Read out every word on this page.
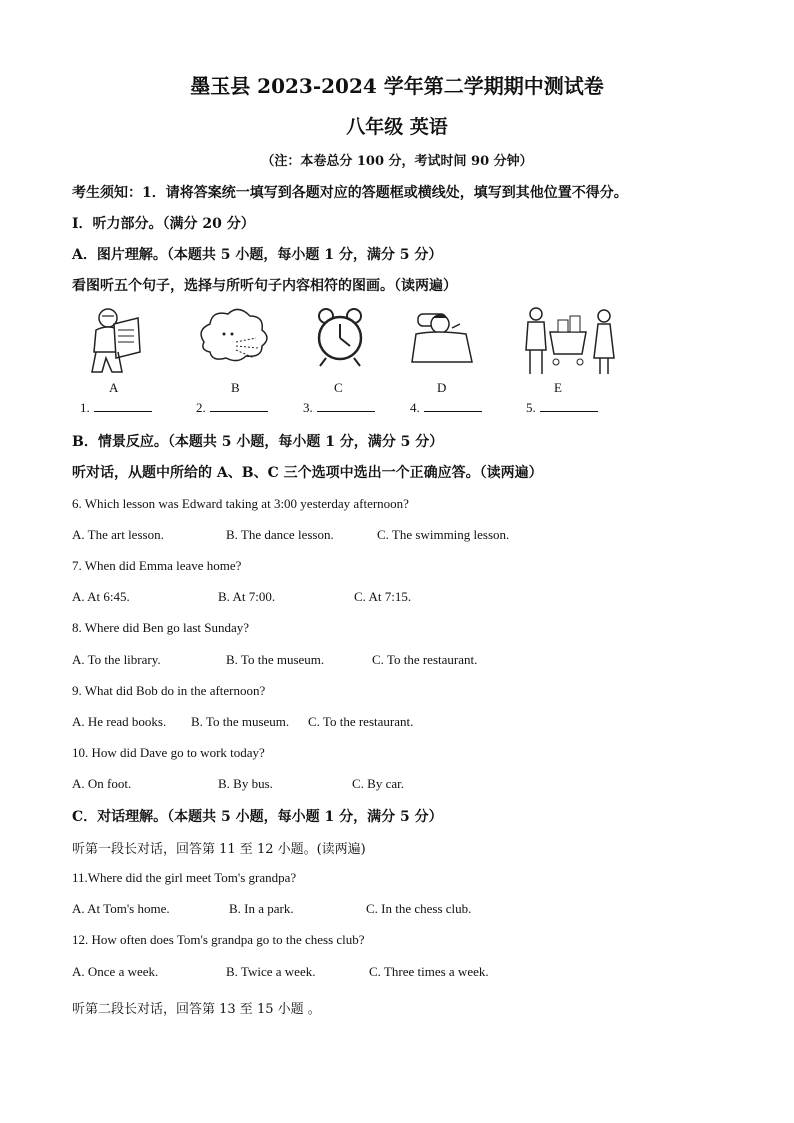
墨玉县 2023-2024 学年第二学期期中测试卷
八年级 英语
（注：本卷总分 100 分，考试时间 90 分钟）
考生须知：1．请将答案统一填写到各题对应的答题框或横线处，填写到其他位置不得分。
I．听力部分。（满分 20 分）
A．图片理解。（本题共 5 小题，每小题 1 分，满分 5 分）
看图听五个句子，选择与所听句子内容相符的图画。（读两遍）
A	B	C	D	E
1.	2.	3.	4.	5.
B．情景反应。（本题共 5 小题，每小题 1 分，满分 5 分）
听对话，从题中所给的 A、B、C 三个选项中选出一个正确应答。（读两遍）
6. Which lesson was Edward taking at 3:00 yesterday afternoon?
A. The art lesson.	B. The dance lesson.	C. The swimming lesson.
7. When did Emma leave home?
A. At 6:45.	B. At 7:00.	C. At 7:15.
8. Where did Ben go last Sunday?
A. To the library.	B. To the museum.	C. To the restaurant.
9. What did Bob do in the afternoon?
A. He read books. B. To the museum. C. To the restaurant.
10. How did Dave go to work today?
A. On foot.	B. By bus.	C. By car.
C．对话理解。（本题共 5 小题，每小题 1 分，满分 5 分）
听第一段长对话，回答第 11 至 12 小题。(读两遍)
11.Where did the girl meet Tom's grandpa?
A. At Tom's home.	B. In a park.	C. In the chess club.
12. How often does Tom's grandpa go to the chess club?
A. Once a week.	B. Twice a week.	C. Three times a week.
听第二段长对话，回答第 13 至 15 小题 。
